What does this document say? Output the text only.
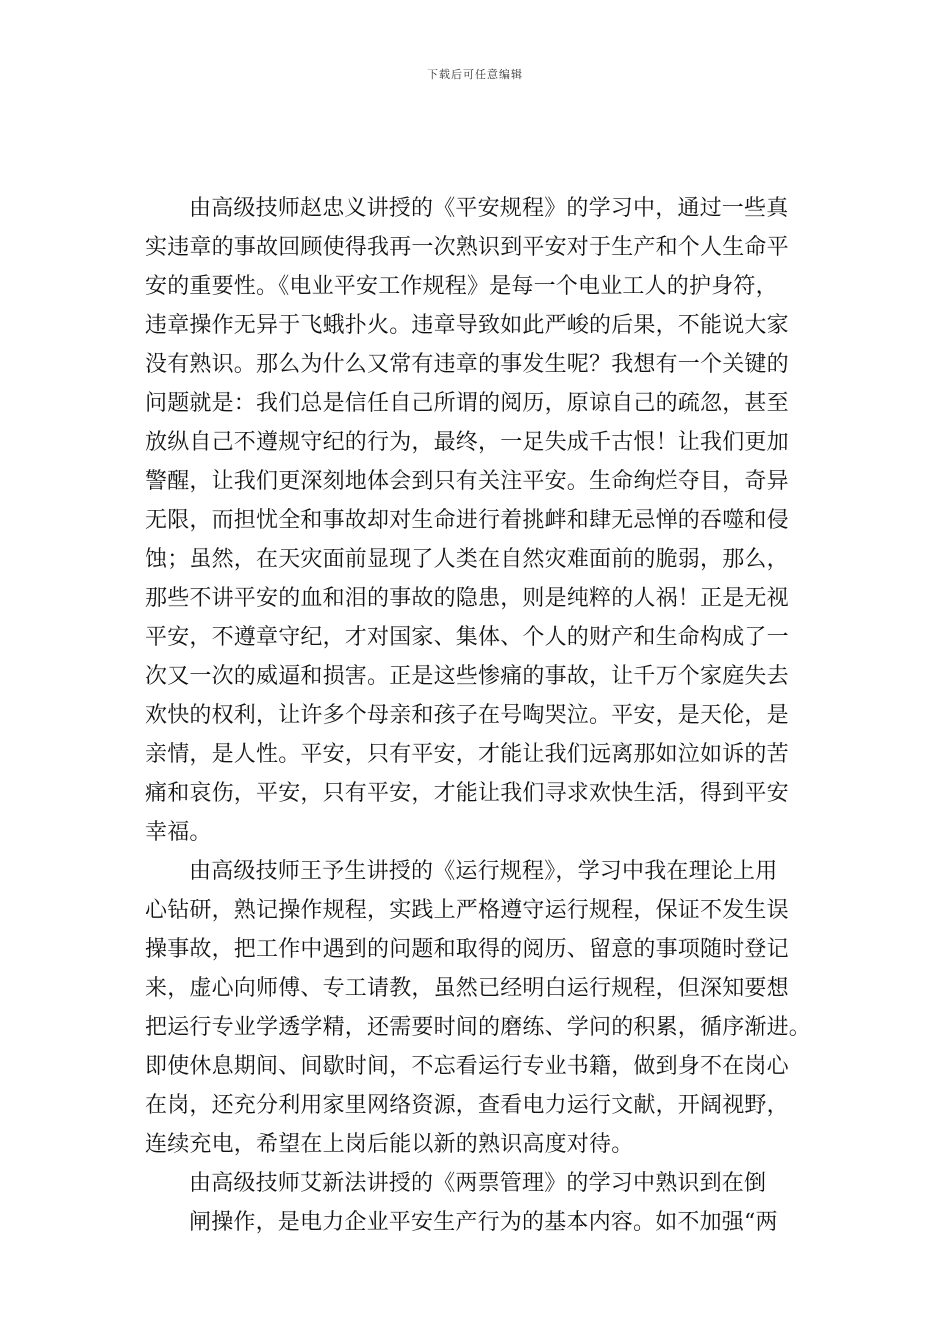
下载后可任意编辑
由高级技师赵忠义讲授的《平安规程》的学习中，通过一些真
实违章的事故回顾使得我再一次熟识到平安对于生产和个人生命平
安的重要性。《电业平安工作规程》是每一个电业工人的护身符，
违章操作无异于飞蛾扑火。违章导致如此严峻的后果，不能说大家
没有熟识。那么为什么又常有违章的事发生呢？我想有一个关键的
问题就是：我们总是信任自己所谓的阅历，原谅自己的疏忽，甚至
放纵自己不遵规守纪的行为，最终，一足失成千古恨！让我们更加
警醒，让我们更深刻地体会到只有关注平安。生命绚烂夺目，奇异
无限，而担忧全和事故却对生命进行着挑衅和肆无忌惮的吞噬和侵
蚀；虽然，在天灾面前显现了人类在自然灾难面前的脆弱，那么，
那些不讲平安的血和泪的事故的隐患，则是纯粹的人祸！正是无视
平安，不遵章守纪，才对国家、集体、个人的财产和生命构成了一
次又一次的威逼和损害。正是这些惨痛的事故，让千万个家庭失去
欢快的权利，让许多个母亲和孩子在号啕哭泣。平安，是天伦，是
亲情，是人性。平安，只有平安，才能让我们远离那如泣如诉的苦
痛和哀伤，平安，只有平安，才能让我们寻求欢快生活，得到平安
幸福。
由高级技师王予生讲授的《运行规程》，学习中我在理论上用
心钻研，熟记操作规程，实践上严格遵守运行规程，保证不发生误
操事故，把工作中遇到的问题和取得的阅历、留意的事项随时登记
来，虚心向师傅、专工请教，虽然已经明白运行规程，但深知要想
把运行专业学透学精，还需要时间的磨练、学问的积累，循序渐进。
即使休息期间、间歇时间，不忘看运行专业书籍，做到身不在岗心
在岗，还充分利用家里网络资源，查看电力运行文献，开阔视野，
连续充电，希望在上岗后能以新的熟识高度对待。
由高级技师艾新法讲授的《两票管理》的学习中熟识到在倒
闸操作，是电力企业平安生产行为的基本内容。如不加强“两
